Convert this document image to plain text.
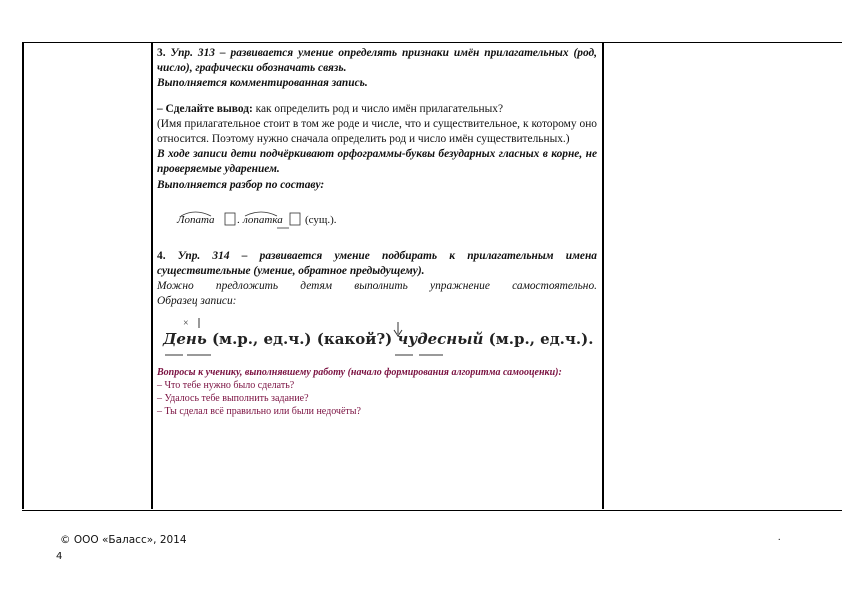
3. Упр. 313 – развивается умение определять признаки имён прилагательных (род, число), графически обозначать связь.

Выполняется комментированная запись.

– Сделайте вывод: как определить род и число имён прилагательных?

(Имя прилагательное стоит в том же роде и числе, что и существительное, к которому оно относится. Поэтому нужно сначала определить род и число имён существительных.)

В ходе записи дети подчёркивают орфограммы-буквы безударных гласных в корне, не проверяемые ударением.

Выполняется разбор по составу:

Лопата . лопатка (сущ.).

4. Упр. 314 – развивается умение подбирать к прилагательным имена существительные (умение, обратное предыдущему).

Можно предложить детям выполнить упражнение самостоятельно.

Образец записи:

×
День (м.р., ед.ч.) (какой?) чудесный (м.р., ед.ч.).

Вопросы к ученику, выполнявшему работу (начало формирования алгоритма самооценки):

– Что тебе нужно было сделать?

– Удалось тебе выполнить задание?

– Ты сделал всё правильно или были недочёты?

© ООО «Баласс», 2014
4
.
